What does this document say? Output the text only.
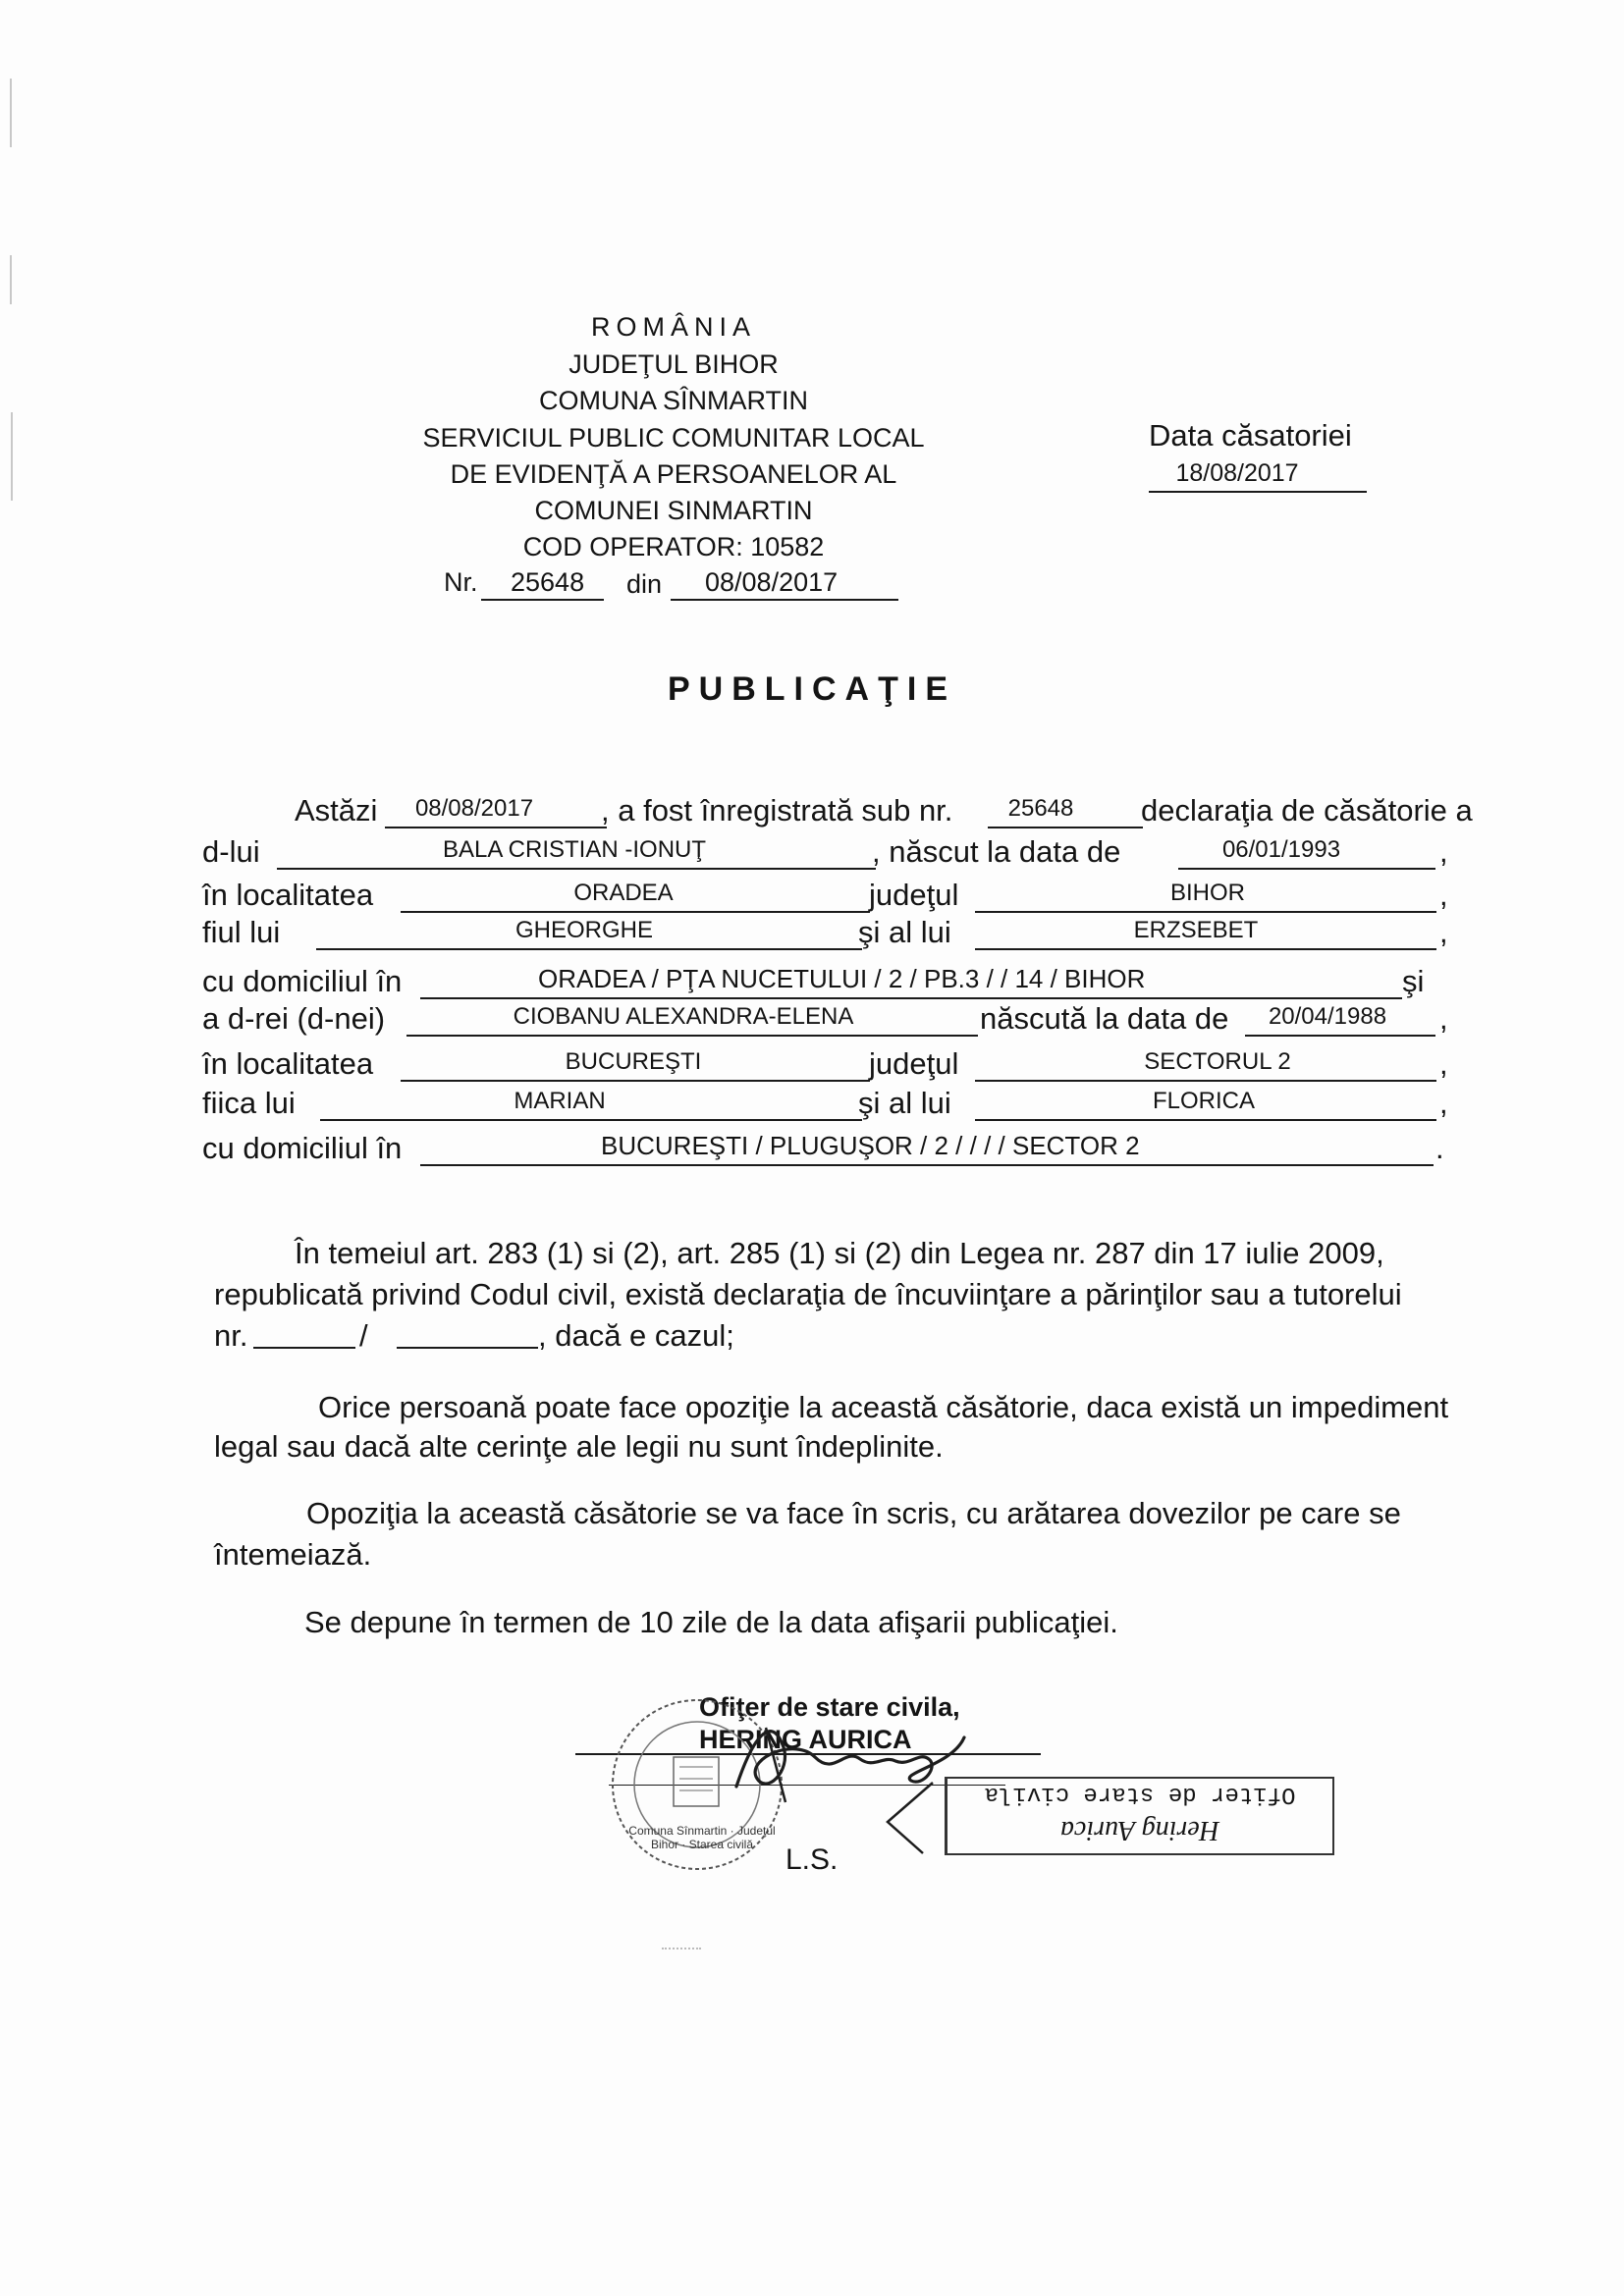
ROMÂNIA
JUDEŢUL BIHOR
COMUNA SÎNMARTIN
SERVICIUL PUBLIC COMUNITAR LOCAL
DE EVIDENŢĂ A PERSOANELOR AL
COMUNEI SINMARTIN
COD OPERATOR: 10582
Nr. 25648 din 08/08/2017
Data căsatoriei
18/08/2017
PUBLICAŢIE
Astăzi	08/08/2017	, a fost înregistrată sub nr.	25648	declaraţia de căsătorie a
d-lui	BALA CRISTIAN -IONUŢ	, născut la data de	06/01/1993	,
în localitatea	ORADEA	judeţul	BIHOR	,
fiul lui	GHEORGHE	şi al lui	ERZSEBET	,
cu domiciliul în	ORADEA / PŢA NUCETULUI / 2 / PB.3 / / 14 / BIHOR	şi
a d-rei (d-nei)	CIOBANU ALEXANDRA-ELENA	născută la data de	20/04/1988	,
în localitatea	BUCUREŞTI	judeţul	SECTORUL 2	,
fiica lui	MARIAN	şi al lui	FLORICA	,
cu domiciliul în	BUCUREŞTI / PLUGUŞOR / 2 / / / / SECTOR 2	.
În temeiul art. 283 (1) si (2), art. 285 (1) si (2) din Legea nr. 287 din 17 iulie 2009,
republicată privind Codul civil, există declaraţia de încuviinţare a părinţilor sau a tutorelui
nr.	/	, dacă e cazul;
Orice persoană poate face opoziţie la această căsătorie, daca există un impediment
legal sau dacă alte cerinţe ale legii nu sunt îndeplinite.
Opoziţia la această căsătorie se va face în scris, cu arătarea dovezilor pe care se
întemeiază.
Se depune în termen de 10 zile de la data afişarii publicaţiei.
Ofiţer de stare civila,
HERING AURICA
Comuna Sînmartin · Judeţul Bihor · Starea civilă	L.S.
Ofiter de stare civila
Hering Aurica
